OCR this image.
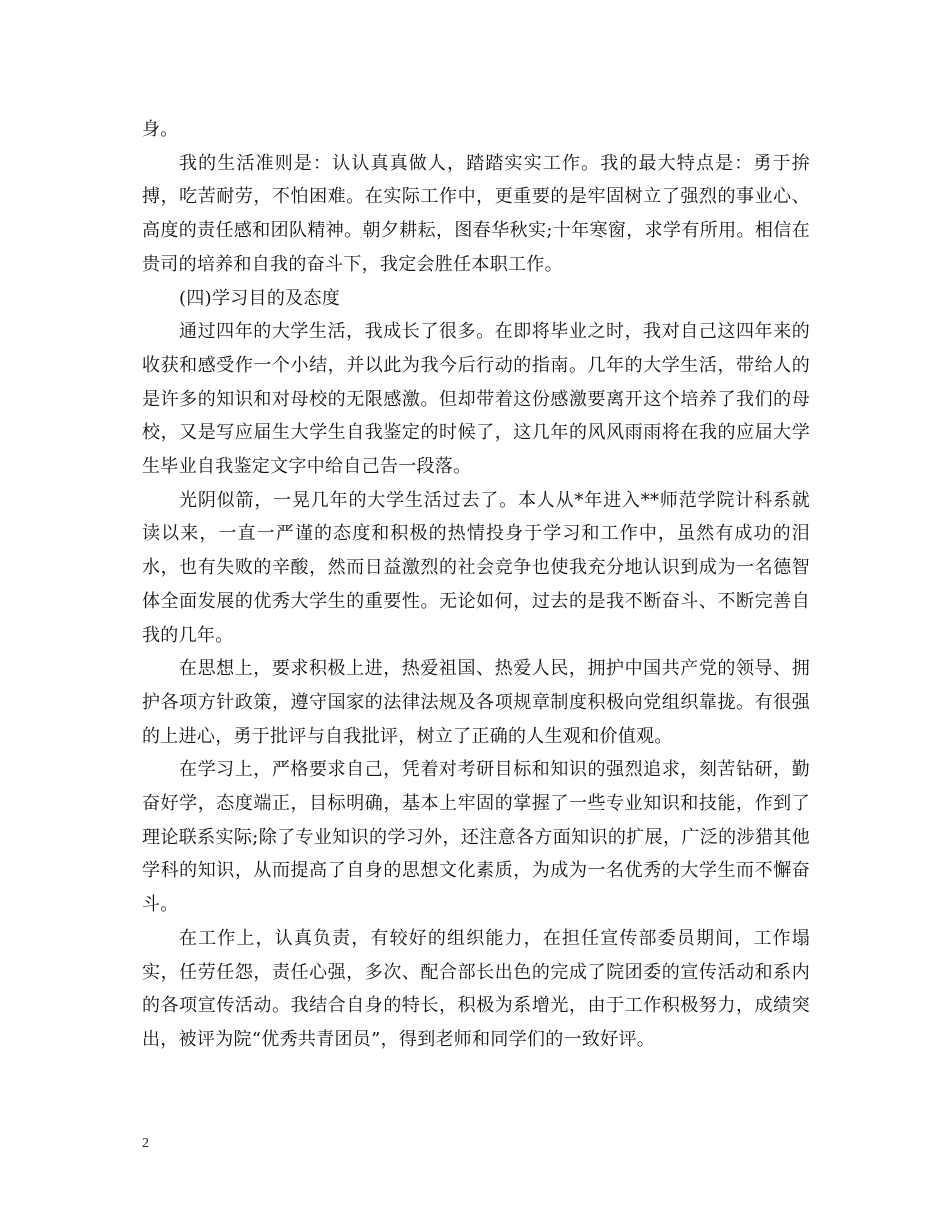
身。

我的生活准则是：认认真真做人，踏踏实实工作。我的最大特点是：勇于拚搏，吃苦耐劳，不怕困难。在实际工作中，更重要的是牢固树立了强烈的事业心、高度的责任感和团队精神。朝夕耕耘，图春华秋实;十年寒窗，求学有所用。相信在贵司的培养和自我的奋斗下，我定会胜任本职工作。

(四)学习目的及态度

通过四年的大学生活，我成长了很多。在即将毕业之时，我对自己这四年来的收获和感受作一个小结，并以此为我今后行动的指南。几年的大学生活，带给人的是许多的知识和对母校的无限感激。但却带着这份感激要离开这个培养了我们的母校，又是写应届生大学生自我鉴定的时候了，这几年的风风雨雨将在我的应届大学生毕业自我鉴定文字中给自己告一段落。

光阴似箭，一晃几年的大学生活过去了。本人从*年进入**师范学院计科系就读以来，一直一严谨的态度和积极的热情投身于学习和工作中，虽然有成功的泪水，也有失败的辛酸，然而日益激烈的社会竞争也使我充分地认识到成为一名德智体全面发展的优秀大学生的重要性。无论如何，过去的是我不断奋斗、不断完善自我的几年。

在思想上，要求积极上进，热爱祖国、热爱人民，拥护中国共产党的领导、拥护各项方针政策，遵守国家的法律法规及各项规章制度积极向党组织靠拢。有很强的上进心，勇于批评与自我批评，树立了正确的人生观和价值观。

在学习上，严格要求自己，凭着对考研目标和知识的强烈追求，刻苦钻研，勤奋好学，态度端正，目标明确，基本上牢固的掌握了一些专业知识和技能，作到了理论联系实际;除了专业知识的学习外，还注意各方面知识的扩展，广泛的涉猎其他学科的知识，从而提高了自身的思想文化素质，为成为一名优秀的大学生而不懈奋斗。

在工作上，认真负责，有较好的组织能力，在担任宣传部委员期间，工作塌实，任劳任怨，责任心强，多次、配合部长出色的完成了院团委的宣传活动和系内的各项宣传活动。我结合自身的特长，积极为系增光，由于工作积极努力，成绩突出，被评为院“优秀共青团员”，得到老师和同学们的一致好评。

2
